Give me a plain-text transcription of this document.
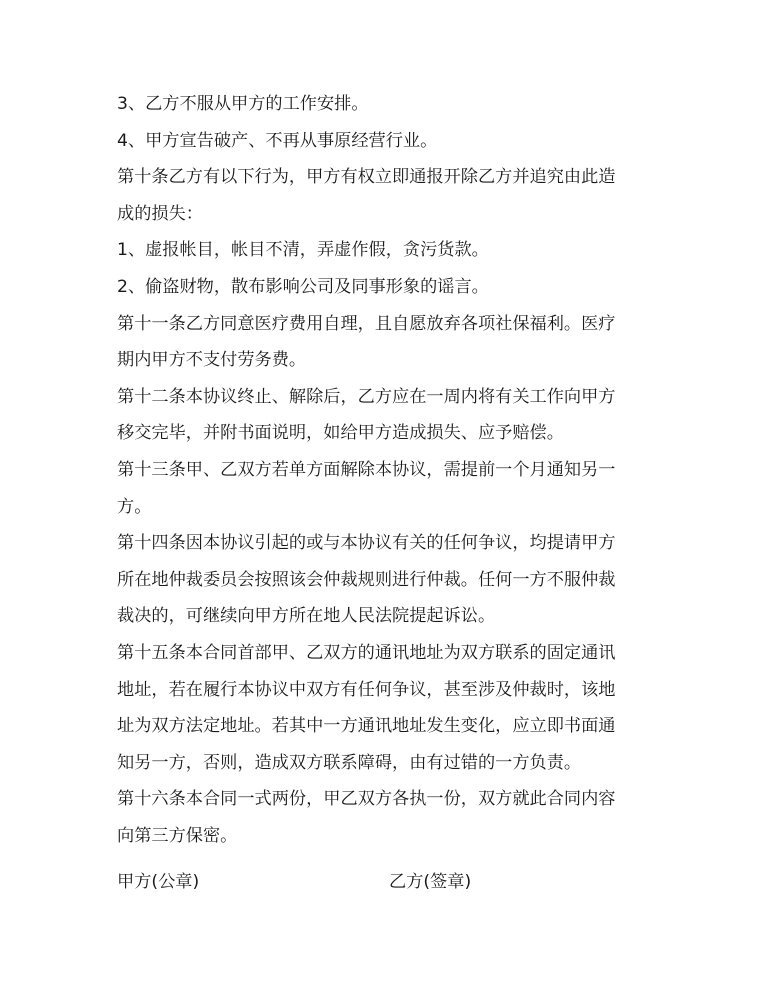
3、乙方不服从甲方的工作安排。
4、甲方宣告破产、不再从事原经营行业。
第十条乙方有以下行为，甲方有权立即通报开除乙方并追究由此造
成的损失：
1、虚报帐目，帐目不清，弄虚作假，贪污货款。
2、偷盗财物，散布影响公司及同事形象的谣言。
第十一条乙方同意医疗费用自理，且自愿放弃各项社保福利。医疗
期内甲方不支付劳务费。
第十二条本协议终止、解除后，乙方应在一周内将有关工作向甲方
移交完毕，并附书面说明，如给甲方造成损失、应予赔偿。
第十三条甲、乙双方若单方面解除本协议，需提前一个月通知另一
方。
第十四条因本协议引起的或与本协议有关的任何争议，均提请甲方
所在地仲裁委员会按照该会仲裁规则进行仲裁。任何一方不服仲裁
裁决的，可继续向甲方所在地人民法院提起诉讼。
第十五条本合同首部甲、乙双方的通讯地址为双方联系的固定通讯
地址，若在履行本协议中双方有任何争议，甚至涉及仲裁时，该地
址为双方法定地址。若其中一方通讯地址发生变化，应立即书面通
知另一方，否则，造成双方联系障碍，由有过错的一方负责。
第十六条本合同一式两份，甲乙双方各执一份，双方就此合同内容
向第三方保密。
甲方(公章)	乙方(签章)
